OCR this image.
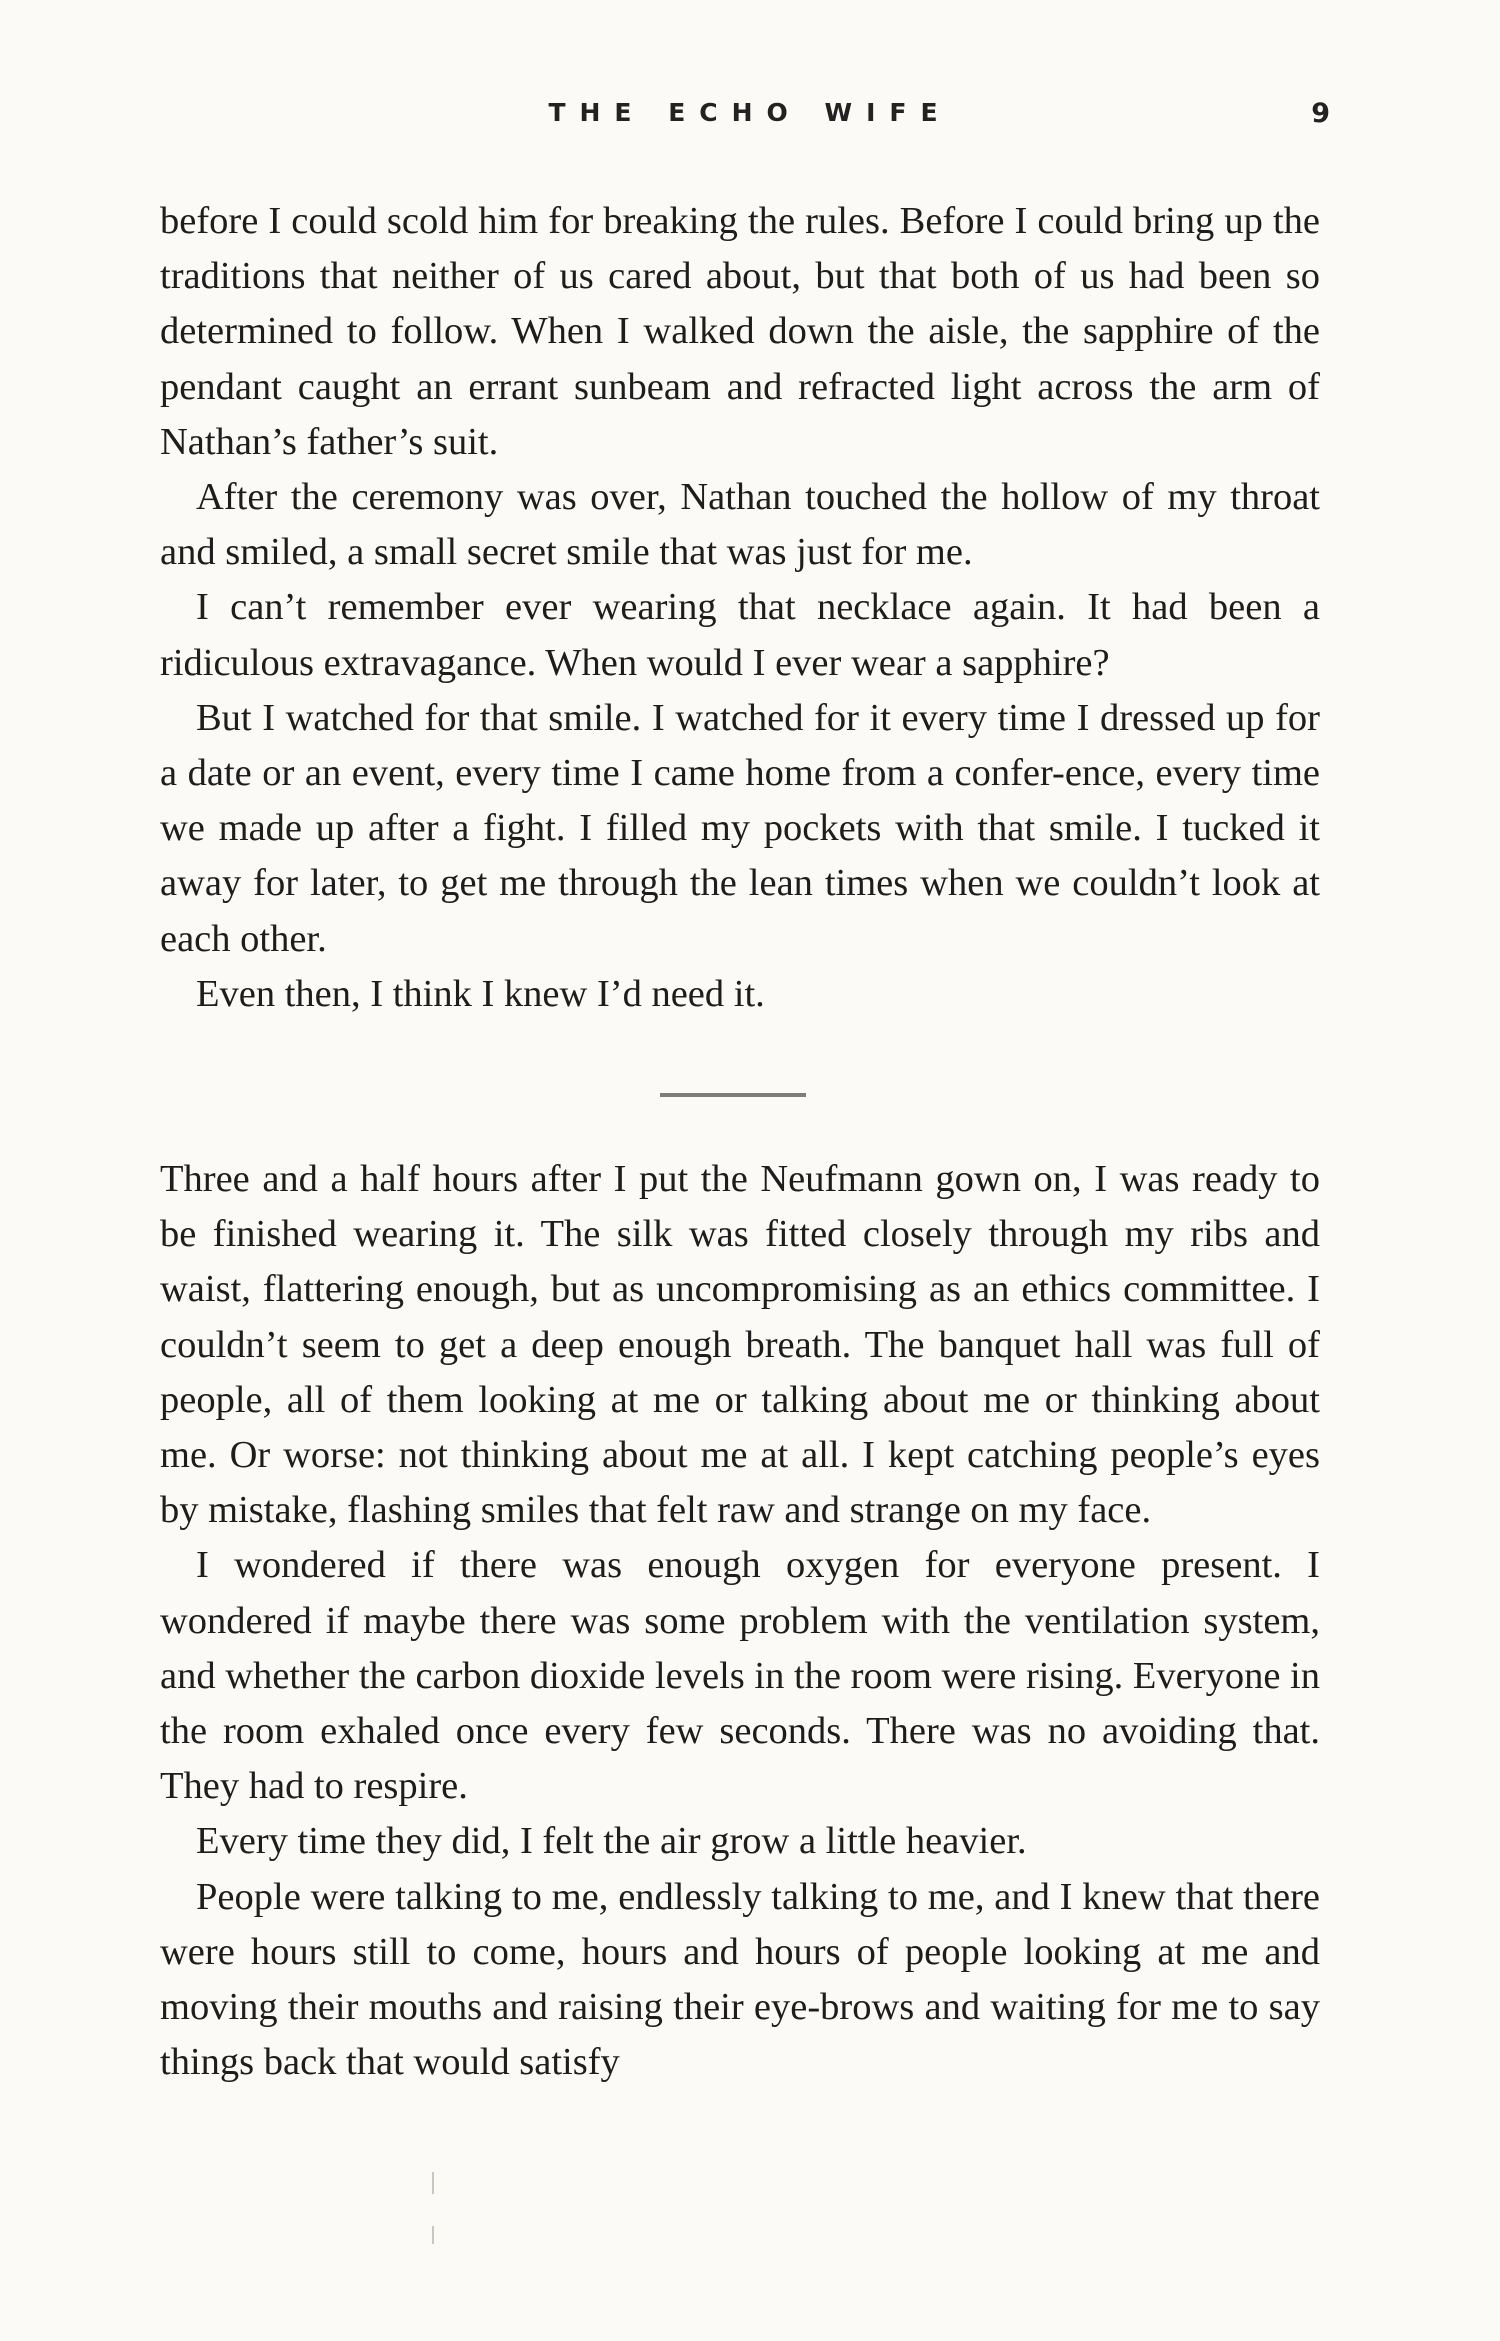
THE ECHO WIFE	9

before I could scold him for breaking the rules. Before I could bring up the traditions that neither of us cared about, but that both of us had been so determined to follow. When I walked down the aisle, the sapphire of the pendant caught an errant sunbeam and refracted light across the arm of Nathan’s father’s suit.

After the ceremony was over, Nathan touched the hollow of my throat and smiled, a small secret smile that was just for me.

I can’t remember ever wearing that necklace again. It had been a ridiculous extravagance. When would I ever wear a sapphire?

But I watched for that smile. I watched for it every time I dressed up for a date or an event, every time I came home from a confer-ence, every time we made up after a fight. I filled my pockets with that smile. I tucked it away for later, to get me through the lean times when we couldn’t look at each other.

Even then, I think I knew I’d need it.

Three and a half hours after I put the Neufmann gown on, I was ready to be finished wearing it. The silk was fitted closely through my ribs and waist, flattering enough, but as uncompromising as an ethics committee. I couldn’t seem to get a deep enough breath. The banquet hall was full of people, all of them looking at me or talking about me or thinking about me. Or worse: not thinking about me at all. I kept catching people’s eyes by mistake, flashing smiles that felt raw and strange on my face.

I wondered if there was enough oxygen for everyone present. I wondered if maybe there was some problem with the ventilation system, and whether the carbon dioxide levels in the room were rising. Everyone in the room exhaled once every few seconds. There was no avoiding that. They had to respire.

Every time they did, I felt the air grow a little heavier.

People were talking to me, endlessly talking to me, and I knew that there were hours still to come, hours and hours of people looking at me and moving their mouths and raising their eye-brows and waiting for me to say things back that would satisfy
